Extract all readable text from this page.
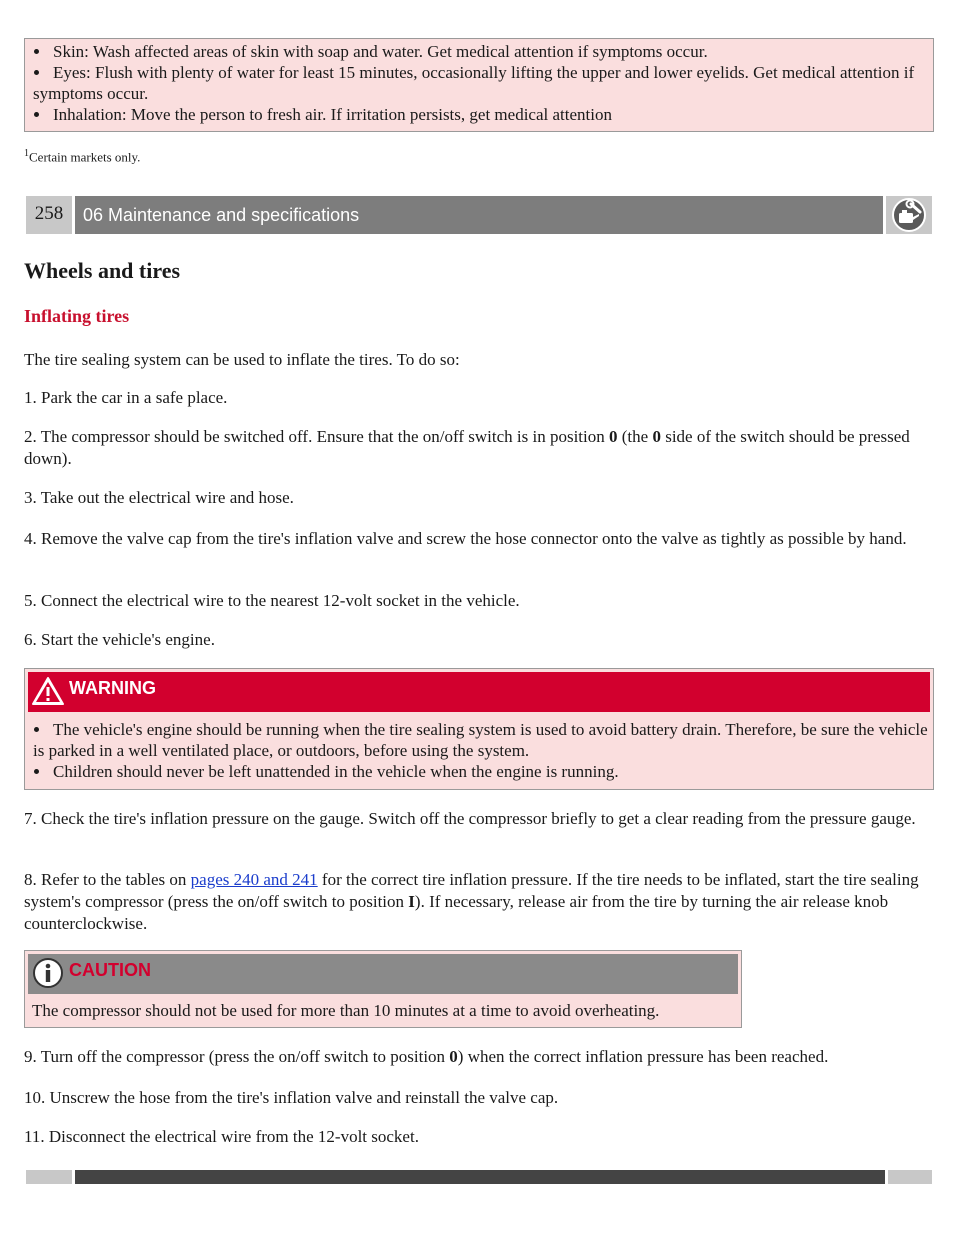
Skin: Wash affected areas of skin with soap and water. Get medical attention if symptoms occur.
Eyes: Flush with plenty of water for least 15 minutes, occasionally lifting the upper and lower eyelids. Get medical attention if symptoms occur.
Inhalation: Move the person to fresh air. If irritation persists, get medical attention
$^1$Certain markets only.
258	06 Maintenance and specifications
Wheels and tires
Inflating tires

The tire sealing system can be used to inflate the tires. To do so:

1. Park the car in a safe place.

2. The compressor should be switched off. Ensure that the on/off switch is in position 0 (the 0 side of the switch should be pressed down).

3. Take out the electrical wire and hose.

4. Remove the valve cap from the tire's inflation valve and screw the hose connector onto the valve as tightly as possible by hand.

5. Connect the electrical wire to the nearest 12-volt socket in the vehicle.

6. Start the vehicle's engine.

WARNING
The vehicle's engine should be running when the tire sealing system is used to avoid battery drain. Therefore, be sure the vehicle is parked in a well ventilated place, or outdoors, before using the system.
Children should never be left unattended in the vehicle when the engine is running.

7. Check the tire's inflation pressure on the gauge. Switch off the compressor briefly to get a clear reading from the pressure gauge.

8. Refer to the tables on pages 240 and 241 for the correct tire inflation pressure. If the tire needs to be inflated, start the tire sealing system's compressor (press the on/off switch to position I). If necessary, release air from the tire by turning the air release knob counterclockwise.

CAUTION
The compressor should not be used for more than 10 minutes at a time to avoid overheating.

9. Turn off the compressor (press the on/off switch to position 0) when the correct inflation pressure has been reached.

10. Unscrew the hose from the tire's inflation valve and reinstall the valve cap.

11. Disconnect the electrical wire from the 12-volt socket.
